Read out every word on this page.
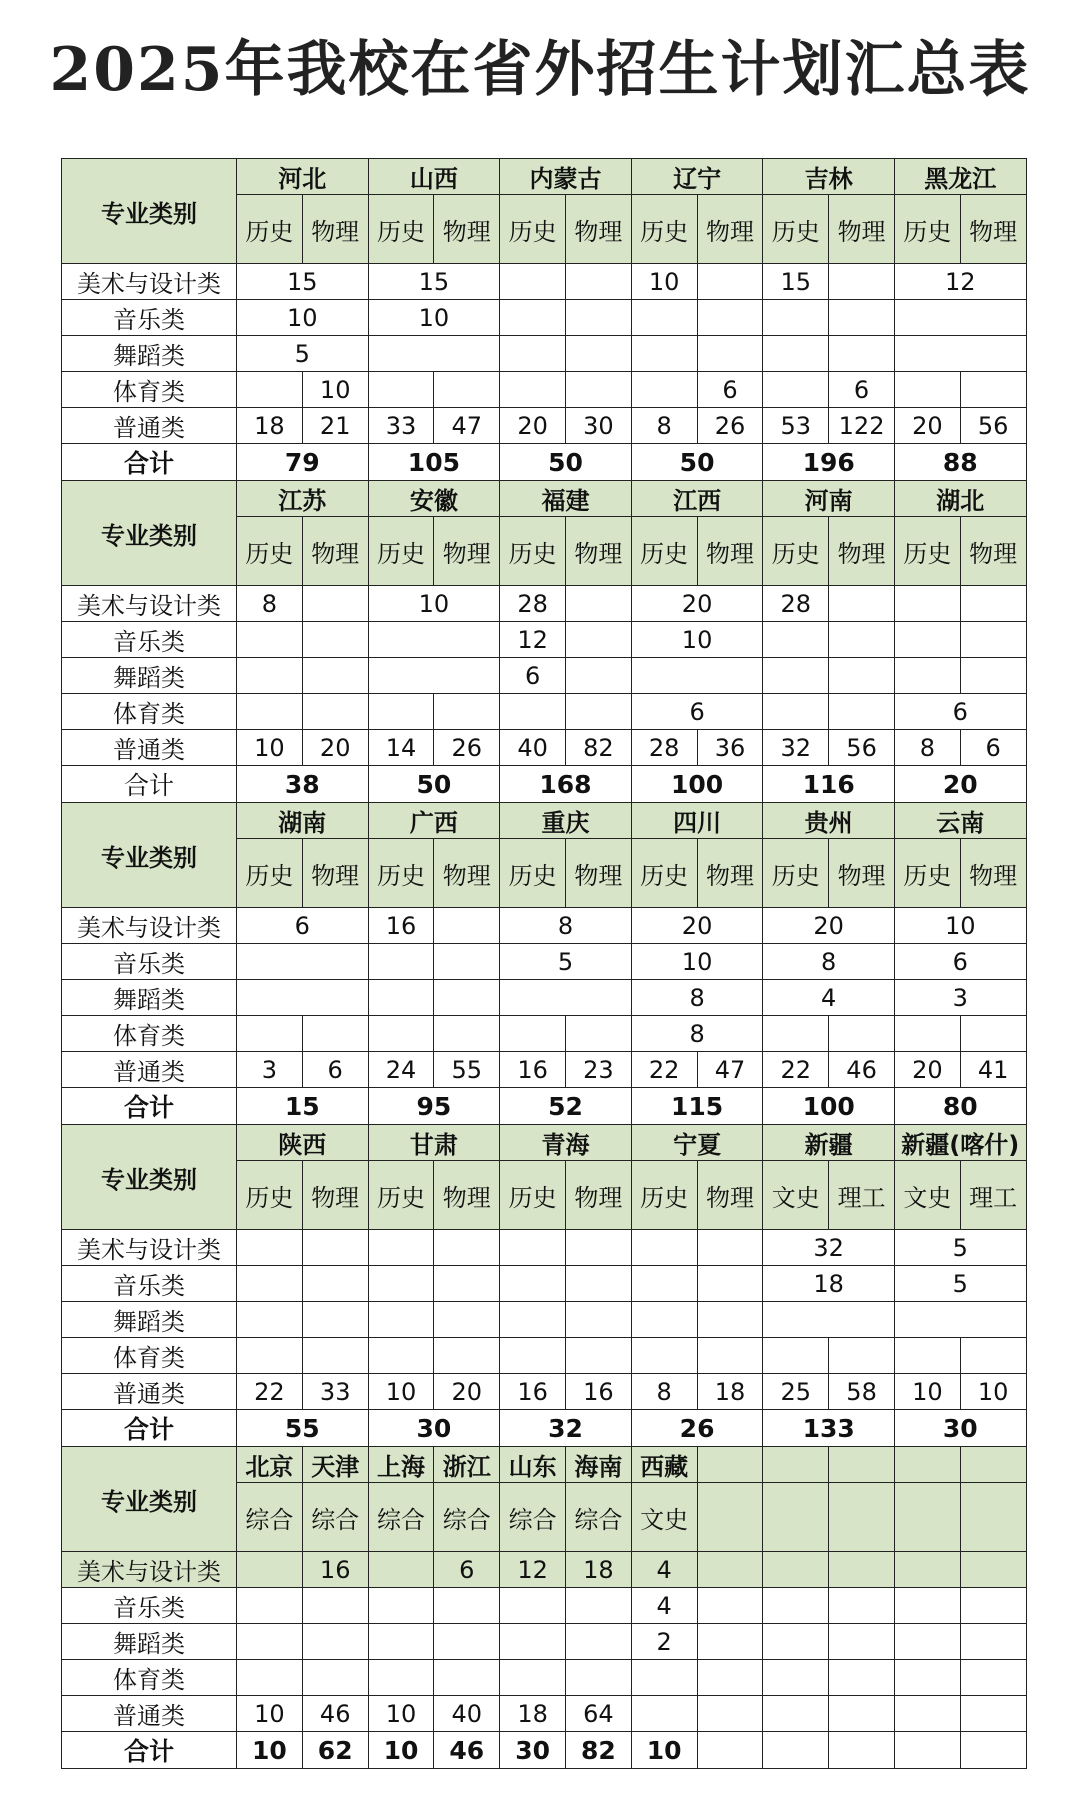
2025年我校在省外招生计划汇总表
专业类别	河北		山西		内蒙古		辽宁		吉林		黑龙江	
	历史	物理	历史	物理	历史	物理	历史	物理	历史	物理	历史	物理
美术与设计类	15		15				10		15		12	
音乐类	10		10									
舞蹈类	5											
体育类		10						6		6		
普通类	18	21	33	47	20	30	8	26	53	122	20	56
合计	79		105		50		50		196		88	
专业类别	江苏		安徽		福建		江西		河南		湖北	
	历史	物理	历史	物理	历史	物理	历史	物理	历史	物理	历史	物理
美术与设计类	8		10		28		20		28			
音乐类					12		10					
舞蹈类					6							
体育类							6				6	
普通类	10	20	14	26	40	82	28	36	32	56	8	6
合计	38		50		168		100		116		20	
专业类别	湖南		广西		重庆		四川		贵州		云南	
	历史	物理	历史	物理	历史	物理	历史	物理	历史	物理	历史	物理
美术与设计类	6		16		8		20		20		10	
音乐类					5		10		8		6	
舞蹈类							8		4		3	
体育类							8					
普通类	3	6	24	55	16	23	22	47	22	46	20	41
合计	15		95		52		115		100		80	
专业类别	陕西		甘肃		青海		宁夏		新疆		新疆(喀什)	
	历史	物理	历史	物理	历史	物理	历史	物理	文史	理工	文史	理工
美术与设计类									32		5	
音乐类									18		5	
舞蹈类												
体育类												
普通类	22	33	10	20	16	16	8	18	25	58	10	10
合计	55		30		32		26		133		30	
专业类别	北京	天津	上海	浙江	山东	海南	西藏					
	综合	综合	综合	综合	综合	综合	文史					
美术与设计类		16		6	12	18	4					
音乐类							4					
舞蹈类							2					
体育类												
普通类	10	46	10	40	18	64						
合计	10	62	10	46	30	82	10					
